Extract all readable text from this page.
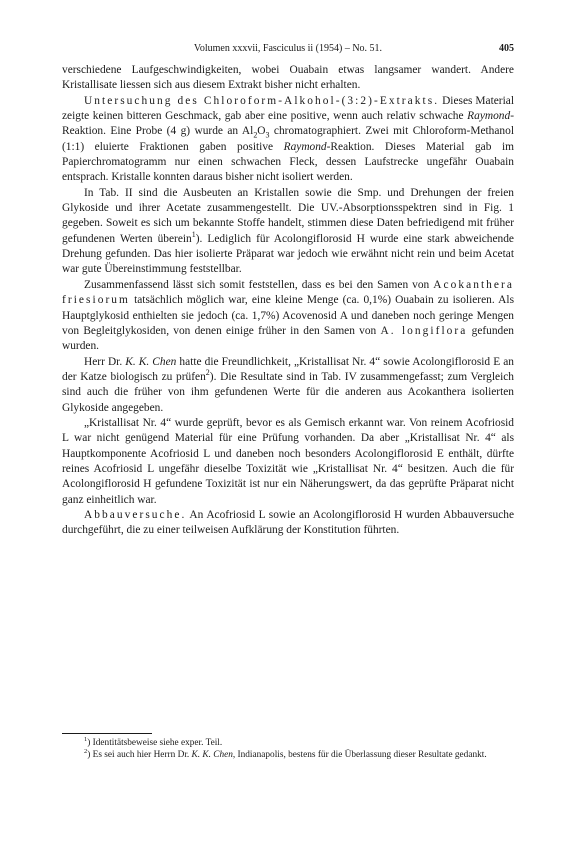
Volumen xxxvii, Fasciculus ii (1954) – No. 51.	405

verschiedene Laufgeschwindigkeiten, wobei Ouabain etwas langsamer wandert. Andere Kristallisate liessen sich aus diesem Extrakt bisher nicht erhalten.

Untersuchung des Chloroform-Alkohol-(3:2)-Extrakts. Dieses Material zeigte keinen bitteren Geschmack, gab aber eine positive, wenn auch relativ schwache Raymond-Reaktion. Eine Probe (4 g) wurde an $Al_2O_3$ chromatographiert. Zwei mit Chloroform-Methanol (1:1) eluierte Fraktionen gaben positive Raymond-Reaktion. Dieses Material gab im Papierchromatogramm nur einen schwachen Fleck, dessen Laufstrecke ungefähr Ouabain entsprach. Kristalle konnten daraus bisher nicht isoliert werden.

In Tab. II sind die Ausbeuten an Kristallen sowie die Smp. und Drehungen der freien Glykoside und ihrer Acetate zusammengestellt. Die UV.-Absorptionsspektren sind in Fig. 1 gegeben. Soweit es sich um bekannte Stoffe handelt, stimmen diese Daten befriedigend mit früher gefundenen Werten überein$^1$). Lediglich für Acolongiflorosid H wurde eine stark abweichende Drehung gefunden. Das hier isolierte Präparat war jedoch wie erwähnt nicht rein und beim Acetat war gute Übereinstimmung feststellbar.

Zusammenfassend lässt sich somit feststellen, dass es bei den Samen von Acokanthera friesiorum tatsächlich möglich war, eine kleine Menge (ca. 0,1%) Ouabain zu isolieren. Als Hauptglykosid enthielten sie jedoch (ca. 1,7%) Acovenosid A und daneben noch geringe Mengen von Begleitglykosiden, von denen einige früher in den Samen von A. longiflora gefunden wurden.

Herr Dr. K. K. Chen hatte die Freundlichkeit, „Kristallisat Nr. 4“ sowie Acolongiflorosid E an der Katze biologisch zu prüfen$^2$). Die Resultate sind in Tab. IV zusammengefasst; zum Vergleich sind auch die früher von ihm gefundenen Werte für die anderen aus Acokanthera isolierten Glykoside angegeben.

„Kristallisat Nr. 4“ wurde geprüft, bevor es als Gemisch erkannt war. Von reinem Acofriosid L war nicht genügend Material für eine Prüfung vorhanden. Da aber „Kristallisat Nr. 4“ als Hauptkomponente Acofriosid L und daneben noch besonders Acolongiflorosid E enthält, dürfte reines Acofriosid L ungefähr dieselbe Toxizität wie „Kristallisat Nr. 4“ besitzen. Auch die für Acolongiflorosid H gefundene Toxizität ist nur ein Näherungswert, da das geprüfte Präparat nicht ganz einheitlich war.

Abbauversuche. An Acofriosid L sowie an Acolongiflorosid H wurden Abbauversuche durchgeführt, die zu einer teilweisen Aufklärung der Konstitution führten.

$^1$) Identitätsbeweise siehe exper. Teil.

$^2$) Es sei auch hier Herrn Dr. K. K. Chen, Indianapolis, bestens für die Überlassung dieser Resultate gedankt.
